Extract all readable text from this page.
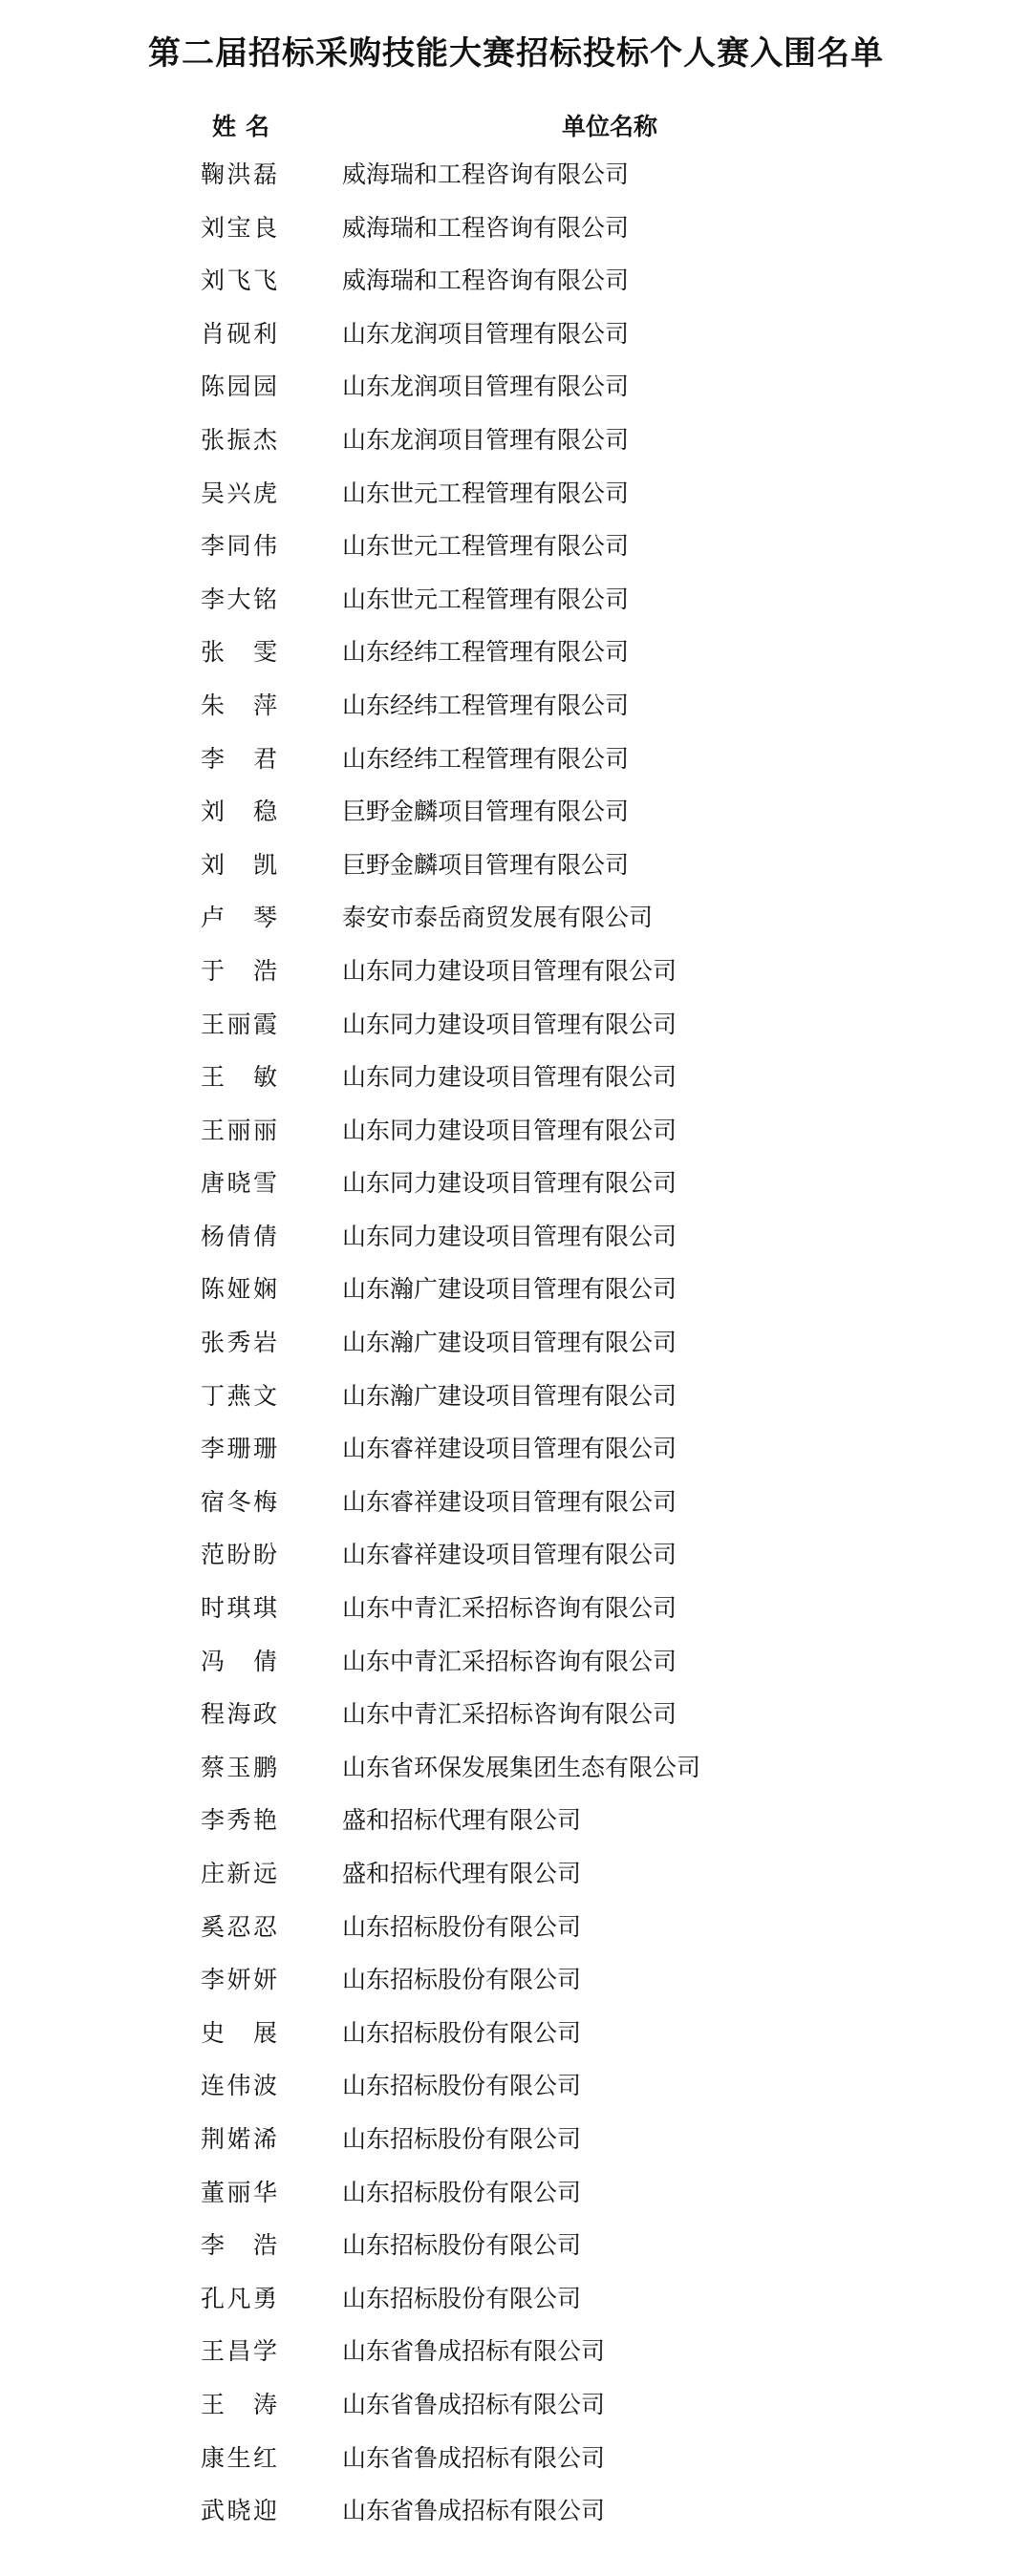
第二届招标采购技能大赛招标投标个人赛入围名单
姓名	单位名称
鞠洪磊	威海瑞和工程咨询有限公司
刘宝良	威海瑞和工程咨询有限公司
刘飞飞	威海瑞和工程咨询有限公司
肖砚利	山东龙润项目管理有限公司
陈园园	山东龙润项目管理有限公司
张振杰	山东龙润项目管理有限公司
吴兴虎	山东世元工程管理有限公司
李同伟	山东世元工程管理有限公司
李大铭	山东世元工程管理有限公司
张 雯	山东经纬工程管理有限公司
朱 萍	山东经纬工程管理有限公司
李 君	山东经纬工程管理有限公司
刘 稳	巨野金麟项目管理有限公司
刘 凯	巨野金麟项目管理有限公司
卢 琴	泰安市泰岳商贸发展有限公司
于 浩	山东同力建设项目管理有限公司
王丽霞	山东同力建设项目管理有限公司
王 敏	山东同力建设项目管理有限公司
王丽丽	山东同力建设项目管理有限公司
唐晓雪	山东同力建设项目管理有限公司
杨倩倩	山东同力建设项目管理有限公司
陈娅娴	山东瀚广建设项目管理有限公司
张秀岩	山东瀚广建设项目管理有限公司
丁燕文	山东瀚广建设项目管理有限公司
李珊珊	山东睿祥建设项目管理有限公司
宿冬梅	山东睿祥建设项目管理有限公司
范盼盼	山东睿祥建设项目管理有限公司
时琪琪	山东中青汇采招标咨询有限公司
冯 倩	山东中青汇采招标咨询有限公司
程海政	山东中青汇采招标咨询有限公司
蔡玉鹏	山东省环保发展集团生态有限公司
李秀艳	盛和招标代理有限公司
庄新远	盛和招标代理有限公司
奚忍忍	山东招标股份有限公司
李妍妍	山东招标股份有限公司
史 展	山东招标股份有限公司
连伟波	山东招标股份有限公司
荆婼浠	山东招标股份有限公司
董丽华	山东招标股份有限公司
李 浩	山东招标股份有限公司
孔凡勇	山东招标股份有限公司
王昌学	山东省鲁成招标有限公司
王 涛	山东省鲁成招标有限公司
康生红	山东省鲁成招标有限公司
武晓迎	山东省鲁成招标有限公司
